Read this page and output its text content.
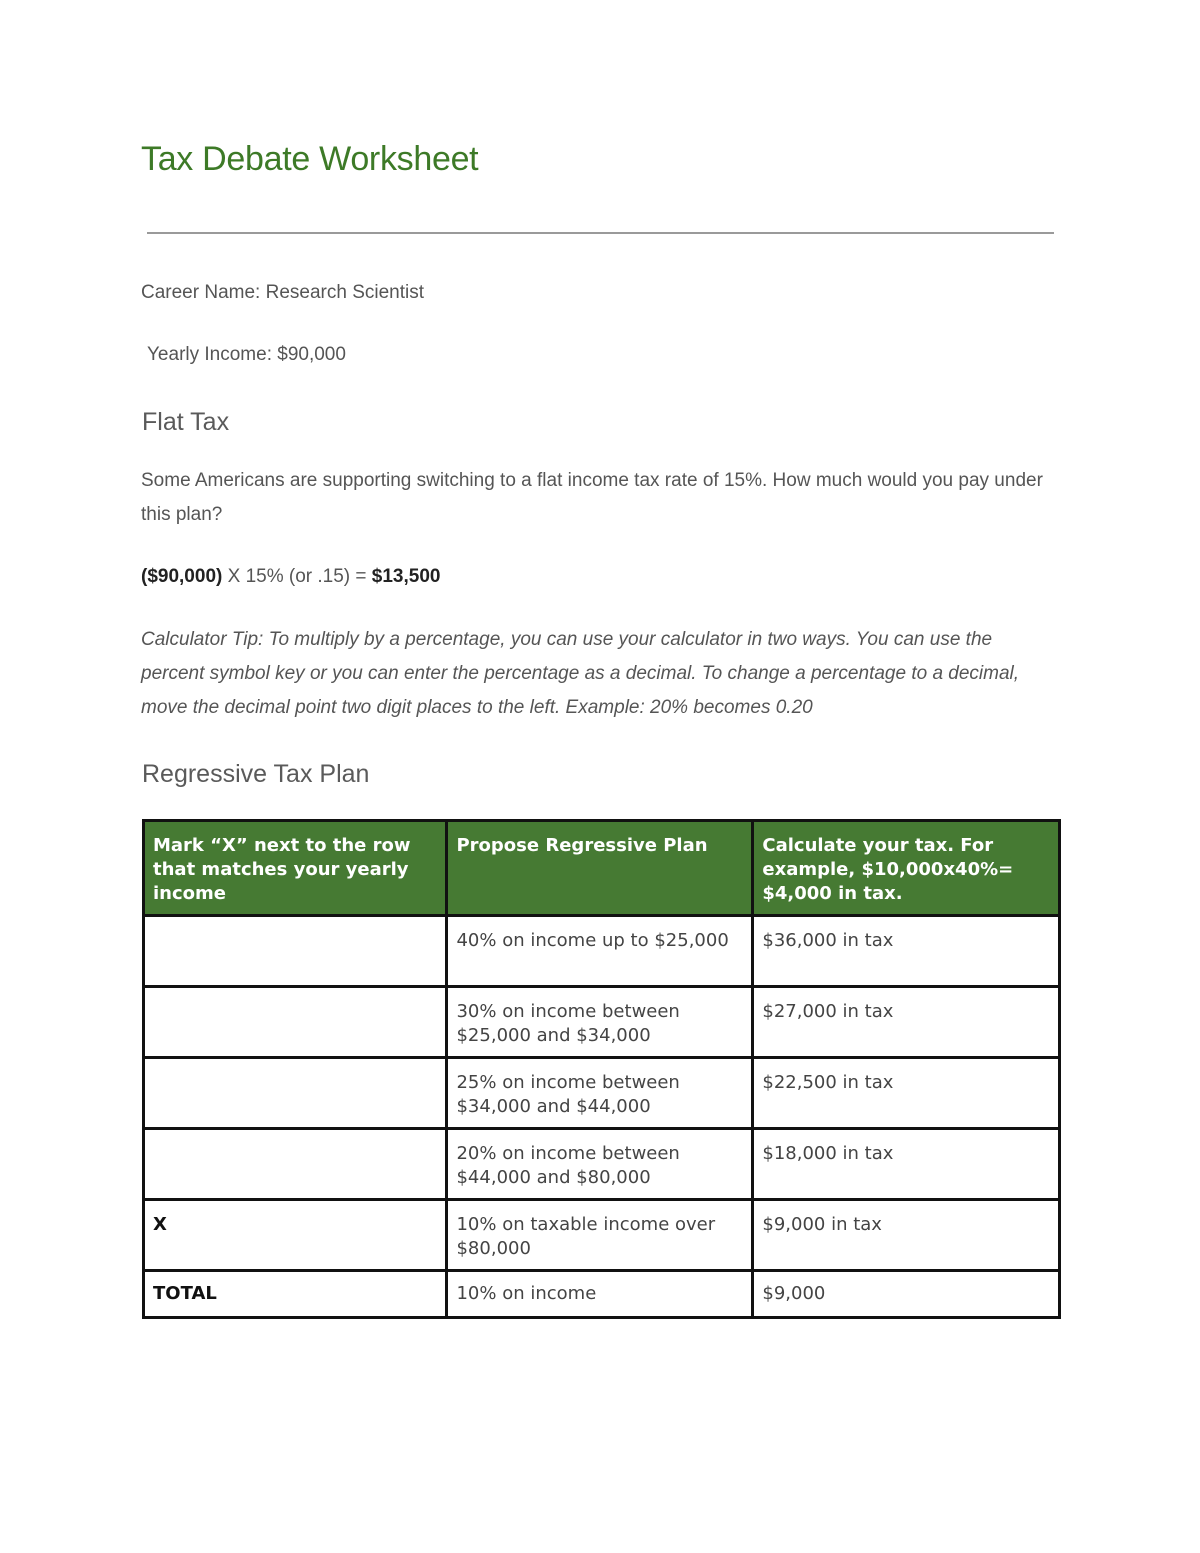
Tax Debate Worksheet

Career Name: Research Scientist

Yearly Income: $90,000

Flat Tax

Some Americans are supporting switching to a flat income tax rate of 15%. How much would you pay under this plan?

($90,000) X 15% (or .15) = $13,500

Calculator Tip: To multiply by a percentage, you can use your calculator in two ways. You can use the percent symbol key or you can enter the percentage as a decimal. To change a percentage to a decimal, move the decimal point two digit places to the left. Example: 20% becomes 0.20

Regressive Tax Plan
Mark “X” next to the row that matches your yearly income	Propose Regressive Plan	Calculate your tax. For example, $10,000x40%= $4,000 in tax.
	40% on income up to $25,000	$36,000 in tax
	30% on income between $25,000 and $34,000	$27,000 in tax
	25% on income between $34,000 and $44,000	$22,500 in tax
	20% on income between $44,000 and $80,000	$18,000 in tax
X	10% on taxable income over $80,000	$9,000 in tax
TOTAL	10% on income	$9,000
